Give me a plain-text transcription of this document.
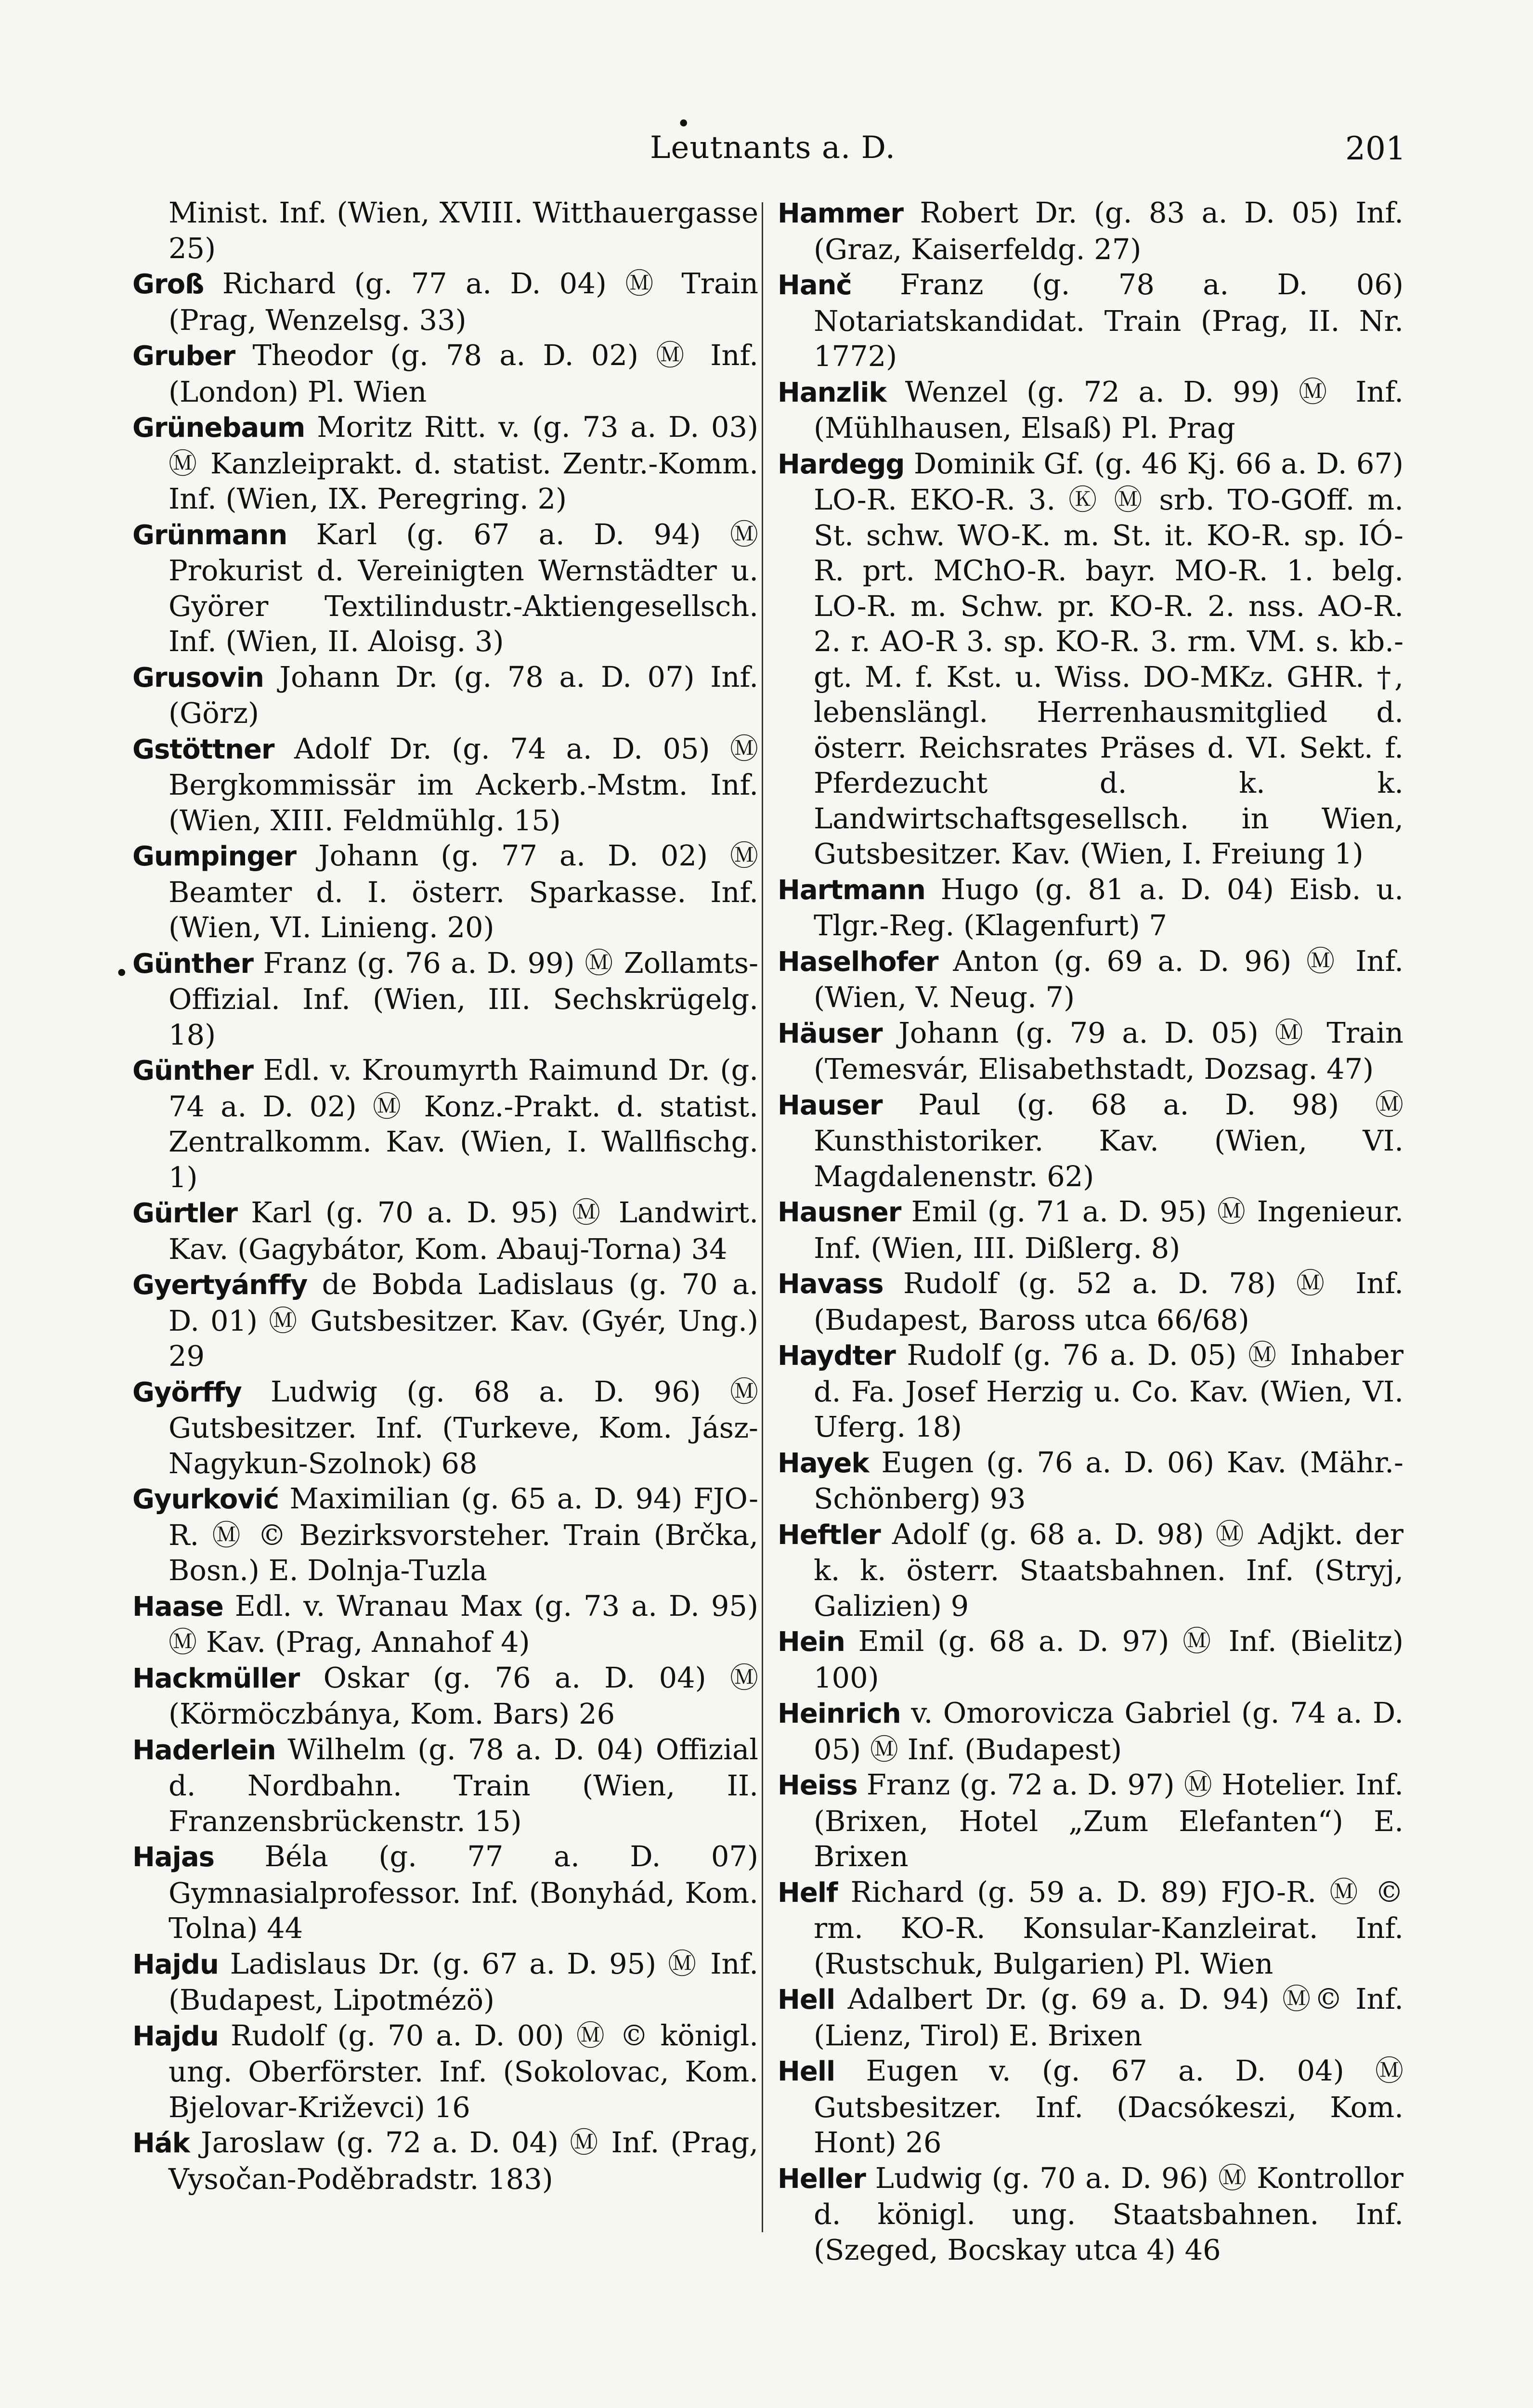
Leutnants a. D.	201

Minist. Inf. (Wien, XVIII. Witthauergasse 25)

Groß Richard (g. 77 a. D. 04) Ⓜ Train (Prag, Wenzelsg. 33)

Gruber Theodor (g. 78 a. D. 02) Ⓜ Inf. (London) Pl. Wien

Grünebaum Moritz Ritt. v. (g. 73 a. D. 03) Ⓜ Kanzleiprakt. d. statist. Zentr.-Komm. Inf. (Wien, IX. Peregring. 2)

Grünmann Karl (g. 67 a. D. 94) Ⓜ Prokurist d. Vereinigten Wernstädter u. Györer Textilindustr.-Aktiengesellsch. Inf. (Wien, II. Aloisg. 3)

Grusovin Johann Dr. (g. 78 a. D. 07) Inf. (Görz)

Gstöttner Adolf Dr. (g. 74 a. D. 05) Ⓜ Bergkommissär im Ackerb.-Mstm. Inf. (Wien, XIII. Feldmühlg. 15)

Gumpinger Johann (g. 77 a. D. 02) Ⓜ Beamter d. I. österr. Sparkasse. Inf. (Wien, VI. Linieng. 20)

Günther Franz (g. 76 a. D. 99) Ⓜ Zollamts-Offizial. Inf. (Wien, III. Sechskrügelg. 18)

Günther Edl. v. Kroumyrth Raimund Dr. (g. 74 a. D. 02) Ⓜ Konz.-Prakt. d. statist. Zentralkomm. Kav. (Wien, I. Wallfischg. 1)

Gürtler Karl (g. 70 a. D. 95) Ⓜ Landwirt. Kav. (Gagybátor, Kom. Abauj-Torna) 34

Gyertyánffy de Bobda Ladislaus (g. 70 a. D. 01) Ⓜ Gutsbesitzer. Kav. (Gyér, Ung.) 29

Györffy Ludwig (g. 68 a. D. 96) Ⓜ Gutsbesitzer. Inf. (Turkeve, Kom. Jász-Nagykun-Szolnok) 68

Gyurković Maximilian (g. 65 a. D. 94) FJO-R. Ⓜ © Bezirksvorsteher. Train (Brčka, Bosn.) E. Dolnja-Tuzla

Haase Edl. v. Wranau Max (g. 73 a. D. 95) Ⓜ Kav. (Prag, Annahof 4)

Hackmüller Oskar (g. 76 a. D. 04) Ⓜ (Körmöczbánya, Kom. Bars) 26

Haderlein Wilhelm (g. 78 a. D. 04) Offizial d. Nordbahn. Train (Wien, II. Franzensbrückenstr. 15)

Hajas Béla (g. 77 a. D. 07) Gymnasialprofessor. Inf. (Bonyhád, Kom. Tolna) 44

Hajdu Ladislaus Dr. (g. 67 a. D. 95) Ⓜ Inf. (Budapest, Lipotmézö)

Hajdu Rudolf (g. 70 a. D. 00) Ⓜ © königl. ung. Oberförster. Inf. (Sokolovac, Kom. Bjelovar-Križevci) 16

Hák Jaroslaw (g. 72 a. D. 04) Ⓜ Inf. (Prag, Vysočan-Poděbradstr. 183)

Hammer Robert Dr. (g. 83 a. D. 05) Inf. (Graz, Kaiserfeldg. 27)

Hanč Franz (g. 78 a. D. 06) Notariatskandidat. Train (Prag, II. Nr. 1772)

Hanzlik Wenzel (g. 72 a. D. 99) Ⓜ Inf. (Mühlhausen, Elsaß) Pl. Prag

Hardegg Dominik Gf. (g. 46 Kj. 66 a. D. 67) LO-R. EKO-R. 3. Ⓚ Ⓜ srb. TO-GOff. m. St. schw. WO-K. m. St. it. KO-R. sp. IÓ-R. prt. MChO-R. bayr. MO-R. 1. belg. LO-R. m. Schw. pr. KO-R. 2. nss. AO-R. 2. r. AO-R 3. sp. KO-R. 3. rm. VM. s. kb.-gt. M. f. Kst. u. Wiss. DO-MKz. GHR. †, lebenslängl. Herrenhausmitglied d. österr. Reichsrates Präses d. VI. Sekt. f. Pferdezucht d. k. k. Landwirtschaftsgesellsch. in Wien, Gutsbesitzer. Kav. (Wien, I. Freiung 1)

Hartmann Hugo (g. 81 a. D. 04) Eisb. u. Tlgr.-Reg. (Klagenfurt) 7

Haselhofer Anton (g. 69 a. D. 96) Ⓜ Inf. (Wien, V. Neug. 7)

Häuser Johann (g. 79 a. D. 05) Ⓜ Train (Temesvár, Elisabethstadt, Dozsag. 47)

Hauser Paul (g. 68 a. D. 98) Ⓜ Kunsthistoriker. Kav. (Wien, VI. Magdalenenstr. 62)

Hausner Emil (g. 71 a. D. 95) Ⓜ Ingenieur. Inf. (Wien, III. Dißlerg. 8)

Havass Rudolf (g. 52 a. D. 78) Ⓜ Inf. (Budapest, Baross utca 66/68)

Haydter Rudolf (g. 76 a. D. 05) Ⓜ Inhaber d. Fa. Josef Herzig u. Co. Kav. (Wien, VI. Uferg. 18)

Hayek Eugen (g. 76 a. D. 06) Kav. (Mähr.-Schönberg) 93

Heftler Adolf (g. 68 a. D. 98) Ⓜ Adjkt. der k. k. österr. Staatsbahnen. Inf. (Stryj, Galizien) 9

Hein Emil (g. 68 a. D. 97) Ⓜ Inf. (Bielitz) 100)

Heinrich v. Omorovicza Gabriel (g. 74 a. D. 05) Ⓜ Inf. (Budapest)

Heiss Franz (g. 72 a. D. 97) Ⓜ Hotelier. Inf. (Brixen, Hotel „Zum Elefanten“) E. Brixen

Helf Richard (g. 59 a. D. 89) FJO-R. Ⓜ © rm. KO-R. Konsular-Kanzleirat. Inf. (Rustschuk, Bulgarien) Pl. Wien

Hell Adalbert Dr. (g. 69 a. D. 94) Ⓜ© Inf. (Lienz, Tirol) E. Brixen

Hell Eugen v. (g. 67 a. D. 04) Ⓜ Gutsbesitzer. Inf. (Dacsókeszi, Kom. Hont) 26

Heller Ludwig (g. 70 a. D. 96) Ⓜ Kontrollor d. königl. ung. Staatsbahnen. Inf. (Szeged, Bocskay utca 4) 46

•
•
